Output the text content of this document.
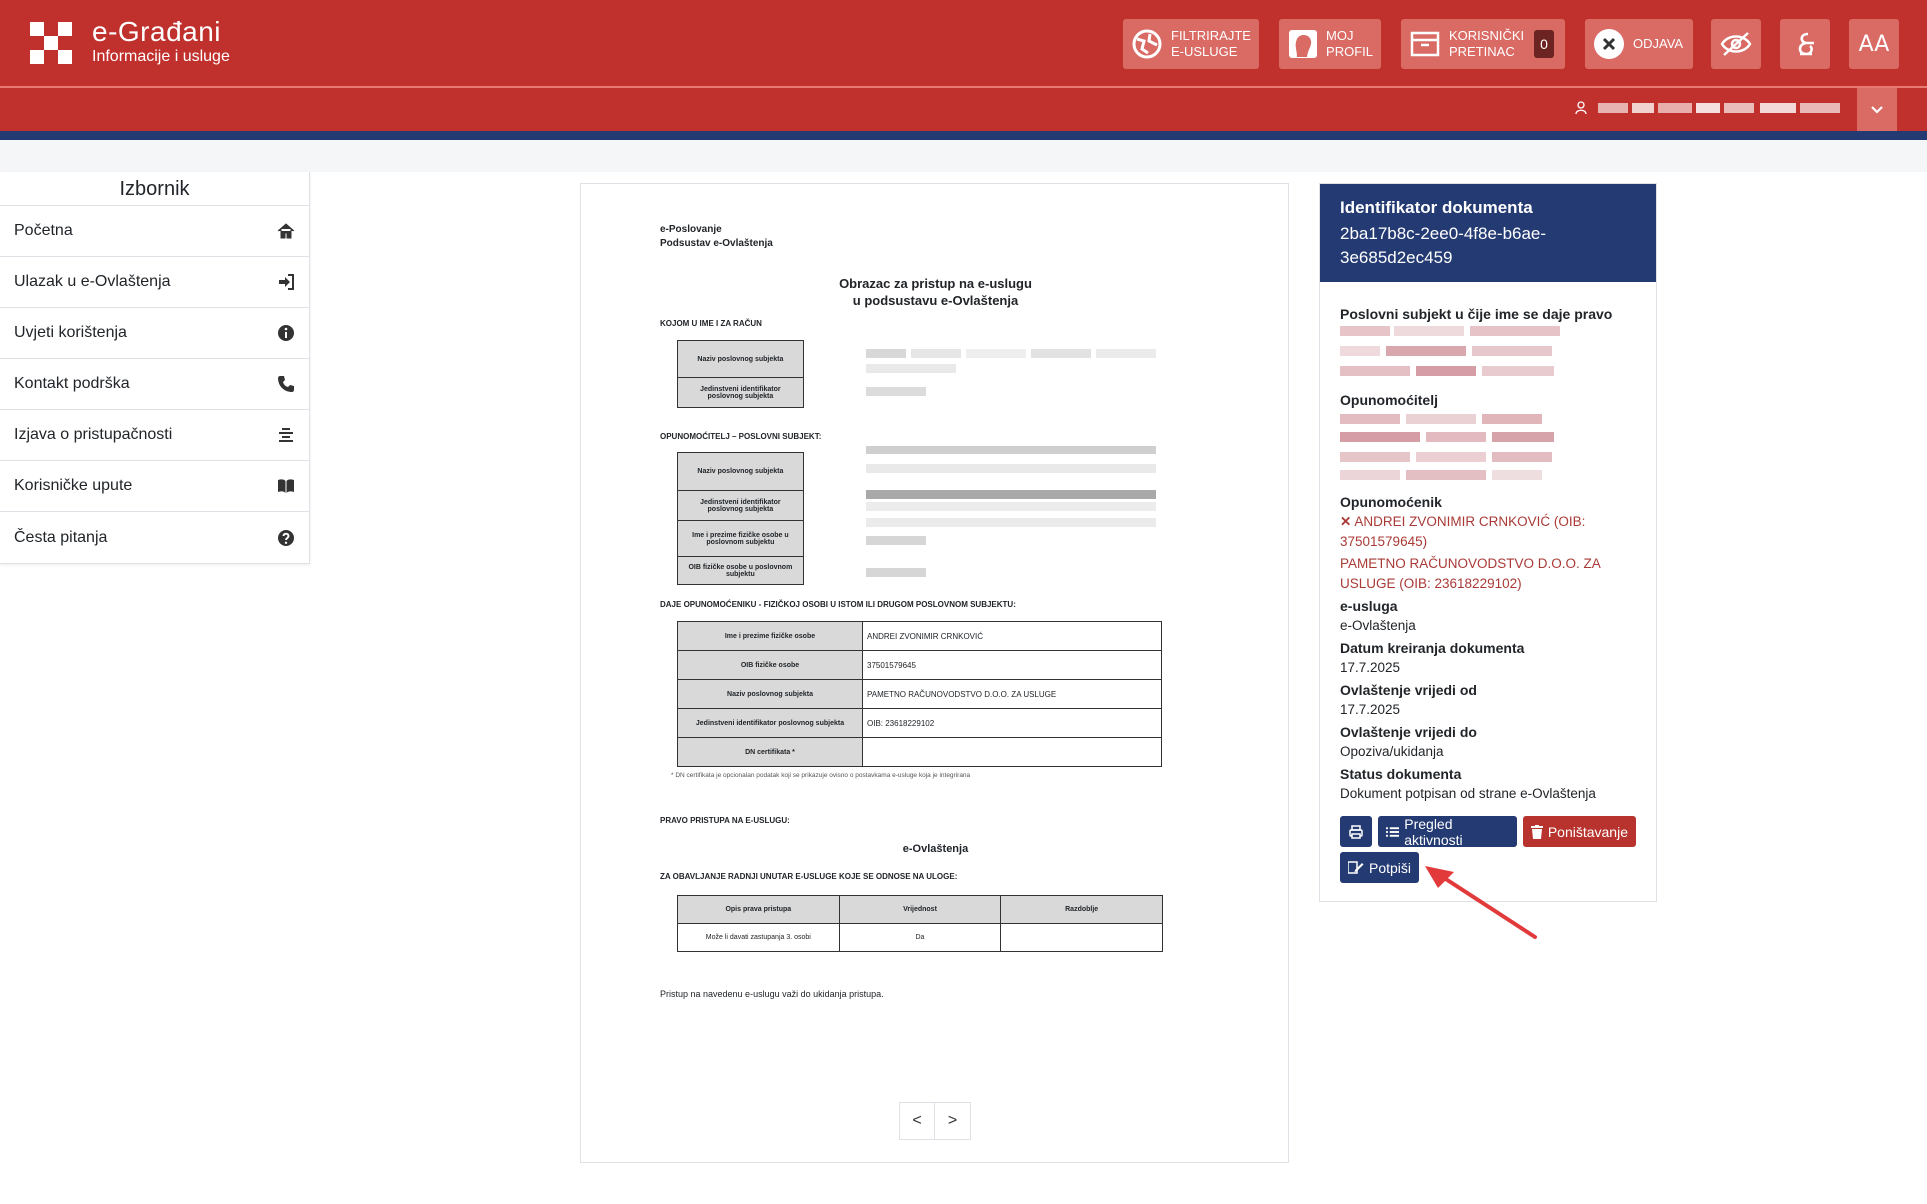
e-Građani
Informacije i usluge
FILTRIRAJTE
E-USLUGE
MOJ
PROFIL
KORISNIČKI
PRETINAC	0	ODJAVA	AA
Izbornik
Početna
Ulazak u e-Ovlaštenja
Uvjeti korištenja
Kontakt podrška
Izjava o pristupačnosti
Korisničke upute
Česta pitanja
e-Poslovanje
Podsustav e-Ovlaštenja
Obrazac za pristup na e-uslugu
u podsustavu e-Ovlaštenja
KOJOM U IME I ZA RAČUN
Naziv poslovnog subjekta	
Jedinstveni identifikator poslovnog subjekta	
OPUNOMOĆITELJ – POSLOVNI SUBJEKT:
Naziv poslovnog subjekta	
Jedinstveni identifikator poslovnog subjekta	
Ime i prezime fizičke osobe u poslovnom subjektu	
OIB fizičke osobe u poslovnom subjektu	
DAJE OPUNOMOĆENIKU - FIZIČKOJ OSOBI U ISTOM ILI DRUGOM POSLOVNOM SUBJEKTU:
Ime i prezime fizičke osobe	ANDREI ZVONIMIR CRNKOVIĆ
OIB fizičke osobe	37501579645
Naziv poslovnog subjekta	PAMETNO RAČUNOVODSTVO D.O.O. ZA USLUGE
Jedinstveni identifikator poslovnog subjekta	OIB: 23618229102
DN certifikata *	
* DN certifikata je opcionalan podatak koji se prikazuje ovisno o postavkama e-usluge koja je integrirana
PRAVO PRISTUPA NA E-USLUGU:
e-Ovlaštenja
ZA OBAVLJANJE RADNJI UNUTAR E-USLUGE KOJE SE ODNOSE NA ULOGE:
Opis prava pristupa	Vrijednost	Razdoblje
Može li davati zastupanja 3. osobi	Da	
Pristup na navedenu e-uslugu važi do ukidanja pristupa.
<	>
Identifikator dokumenta
2ba17b8c-2ee0-4f8e-b6ae-
3e685d2ec459
Poslovni subjekt u čije ime se daje pravo
Opunomoćitelj
Opunomoćenik
✕ ANDREI ZVONIMIR CRNKOVIĆ (OIB: 37501579645)
PAMETNO RAČUNOVODSTVO D.O.O. ZA USLUGE (OIB: 23618229102)
e-usluga
e-Ovlaštenja
Datum kreiranja dokumenta
17.7.2025
Ovlaštenje vrijedi od
17.7.2025
Ovlaštenje vrijedi do
Opoziva/ukidanja
Status dokumenta
Dokument potpisan od strane e-Ovlaštenja
Pregled aktivnosti	Poništavanje
Potpiši
